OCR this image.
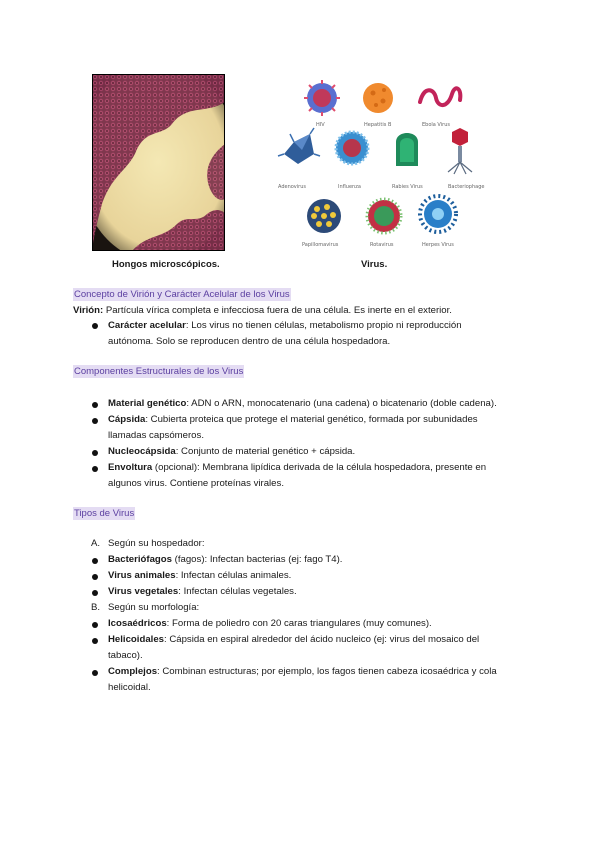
HIV	Hepatitis B	Ebola Virus
Adenovirus	Influenza	Rabies Virus	Bacteriophage
Papillomavirus	Rotavirus	Herpes Virus
Hongos microscópicos.	Virus.
Concepto de Virión y Carácter Acelular de los Virus
Virión: Partícula vírica completa e infecciosa fuera de una célula. Es inerte en el exterior.
Carácter acelular: Los virus no tienen células, metabolismo propio ni reproducción
autónoma. Solo se reproducen dentro de una célula hospedadora.
Componentes Estructurales de los Virus
Material genético: ADN o ARN, monocatenario (una cadena) o bicatenario (doble cadena).
Cápsida: Cubierta proteica que protege el material genético, formada por subunidades
llamadas capsómeros.
Nucleocápsida: Conjunto de material genético + cápsida.
Envoltura (opcional): Membrana lipídica derivada de la célula hospedadora, presente en
algunos virus. Contiene proteínas virales.
Tipos de Virus
A. Según su hospedador:
Bacteriófagos (fagos): Infectan bacterias (ej: fago T4).
Virus animales: Infectan células animales.
Virus vegetales: Infectan células vegetales.
B. Según su morfología:
Icosaédricos: Forma de poliedro con 20 caras triangulares (muy comunes).
Helicoidales: Cápsida en espiral alrededor del ácido nucleico (ej: virus del mosaico del
tabaco).
Complejos: Combinan estructuras; por ejemplo, los fagos tienen cabeza icosaédrica y cola
helicoidal.
